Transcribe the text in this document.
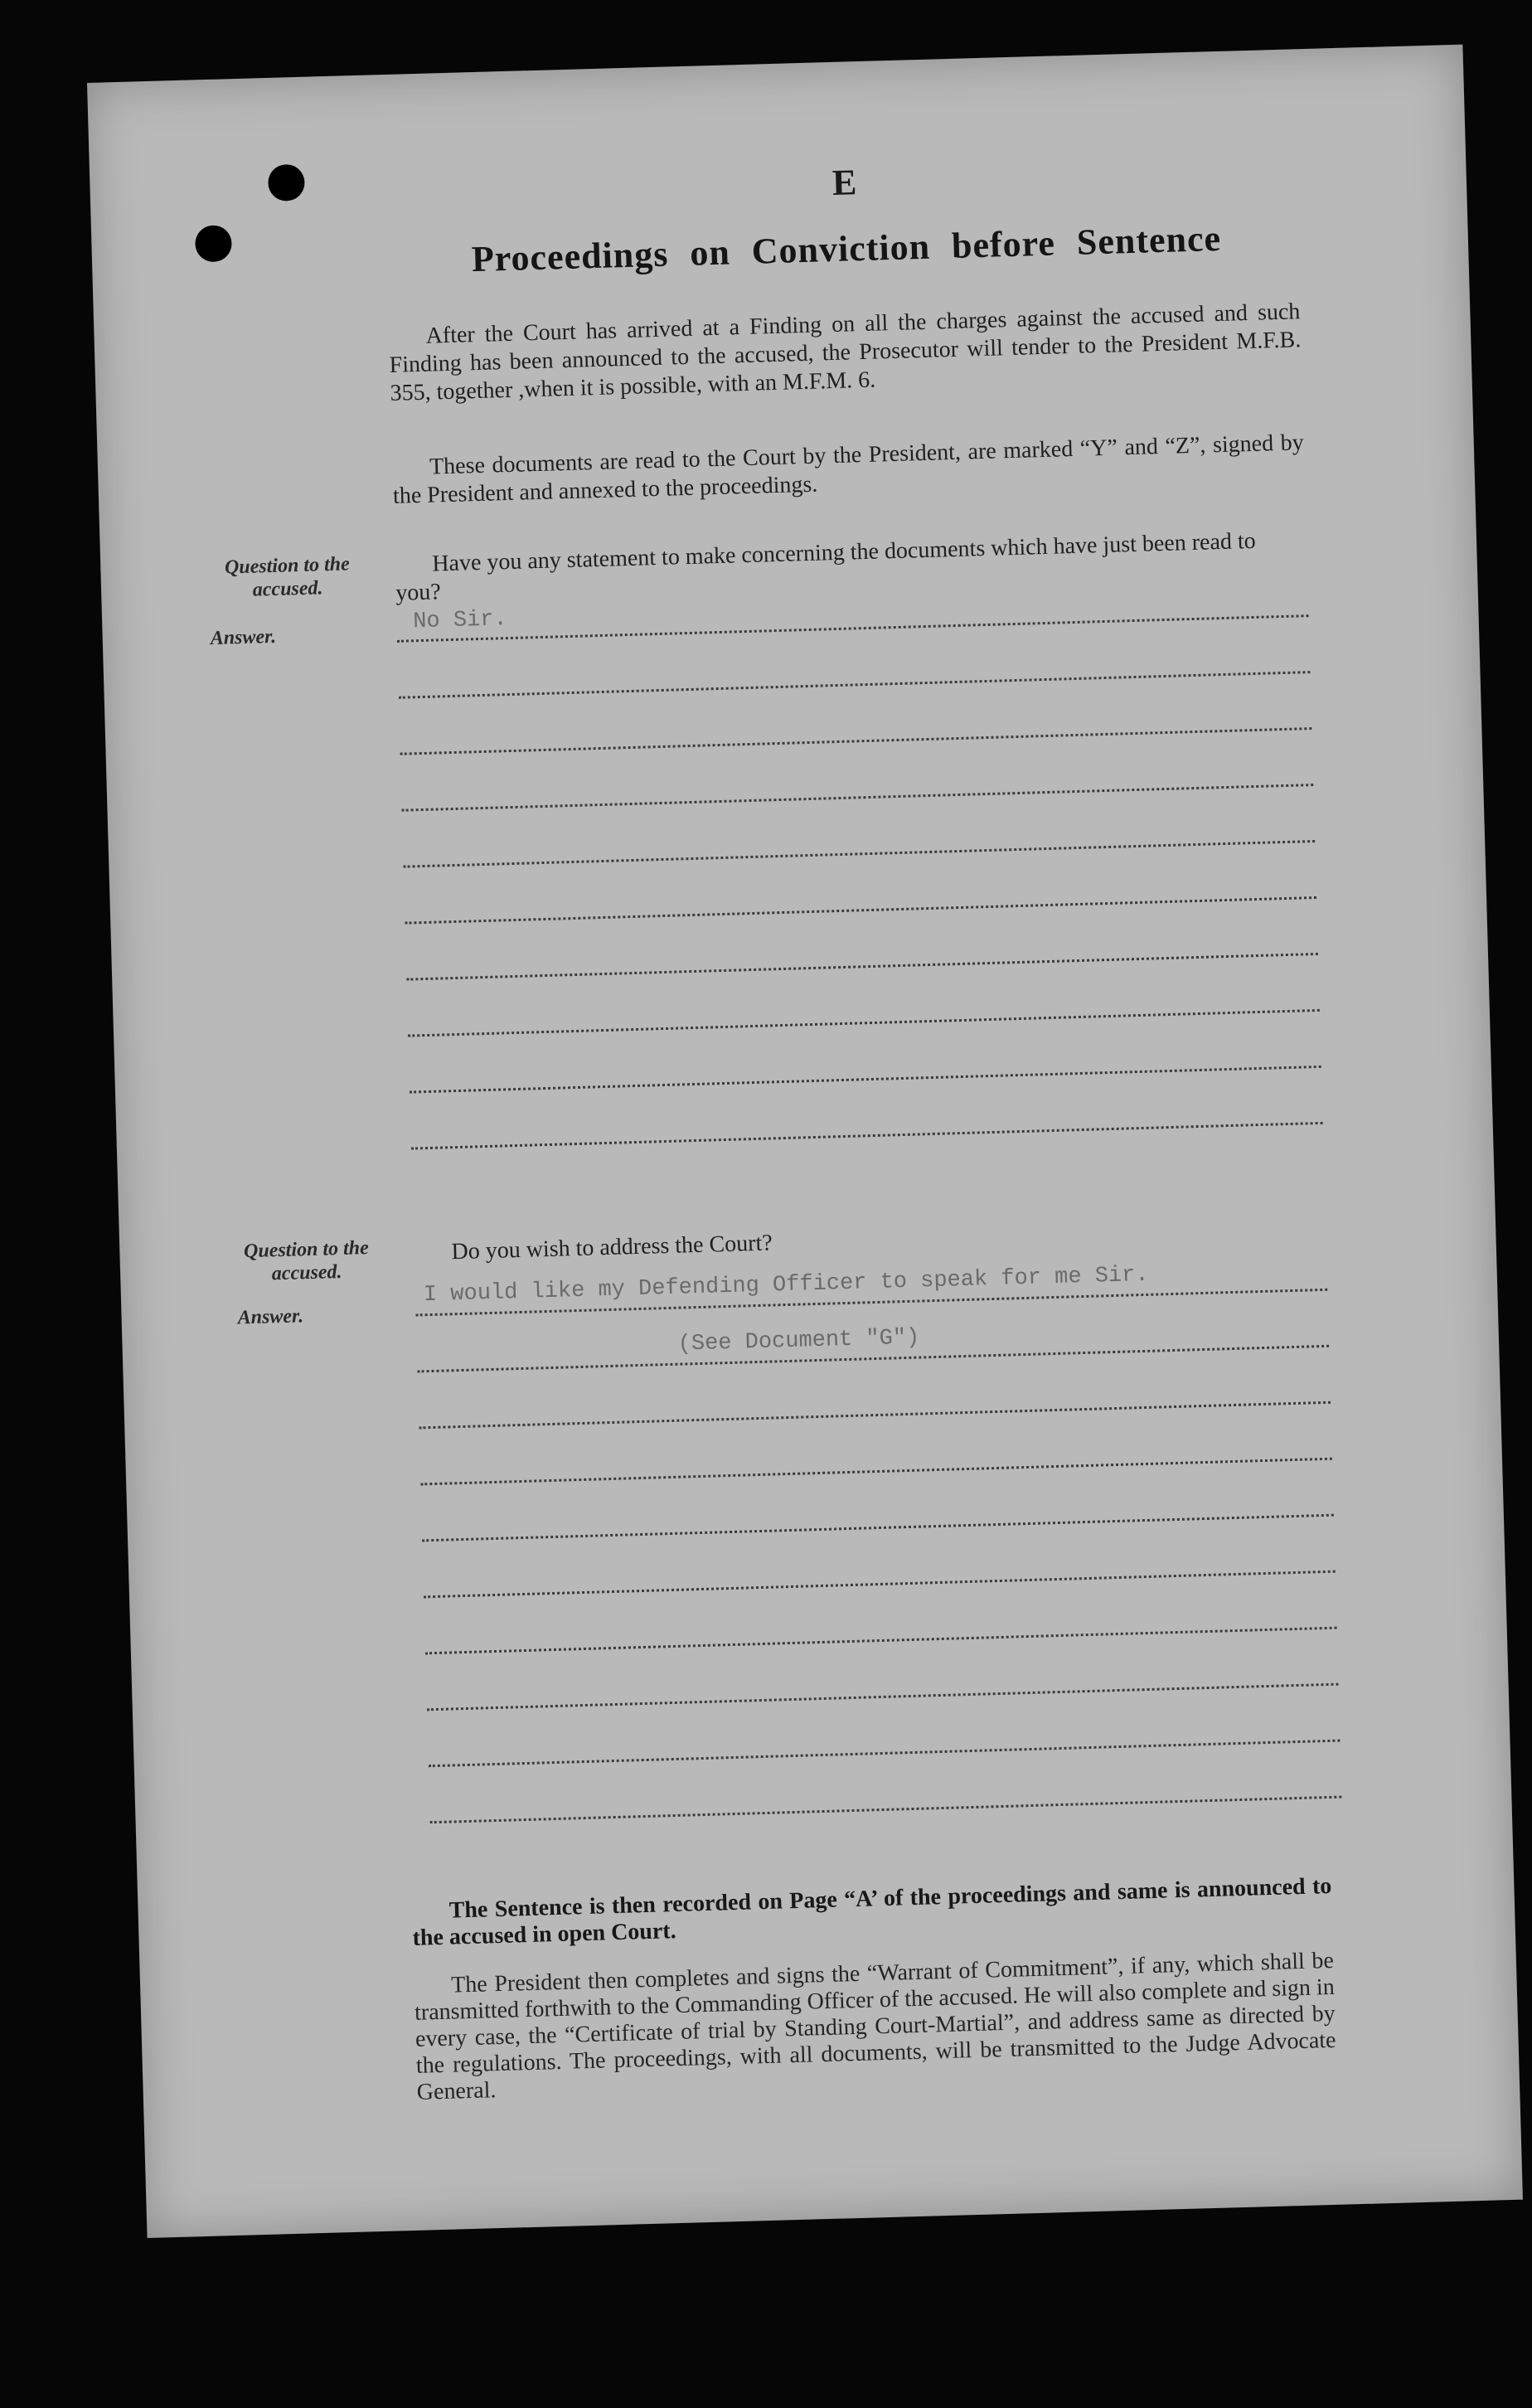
E
Proceedings on Conviction before Sentence
After the Court has arrived at a Finding on all the charges against the accused and such Finding has been announced to the accused, the Prosecutor will tender to the President M.F.B. 355, together ,when it is possible, with an M.F.M. 6.
These documents are read to the Court by the President, are marked “Y” and “Z”, signed by the President and annexed to the proceedings.
Question to the accused.
Have you any statement to make concerning the documents which have just been read to you?
Answer.
No Sir.
Question to the accused.
Do you wish to address the Court?
Answer.
I would like my Defending Officer to speak for me Sir.
(See Document "G")
The Sentence is then recorded on Page “A’ of the proceedings and same is announced to the accused in open Court.
The President then completes and signs the “Warrant of Commitment”, if any, which shall be transmitted forthwith to the Commanding Officer of the accused. He will also complete and sign in every case, the “Certificate of trial by Standing Court-Martial”, and address same as directed by the regulations. The proceedings, with all documents, will be transmitted to the Judge Advocate General.
